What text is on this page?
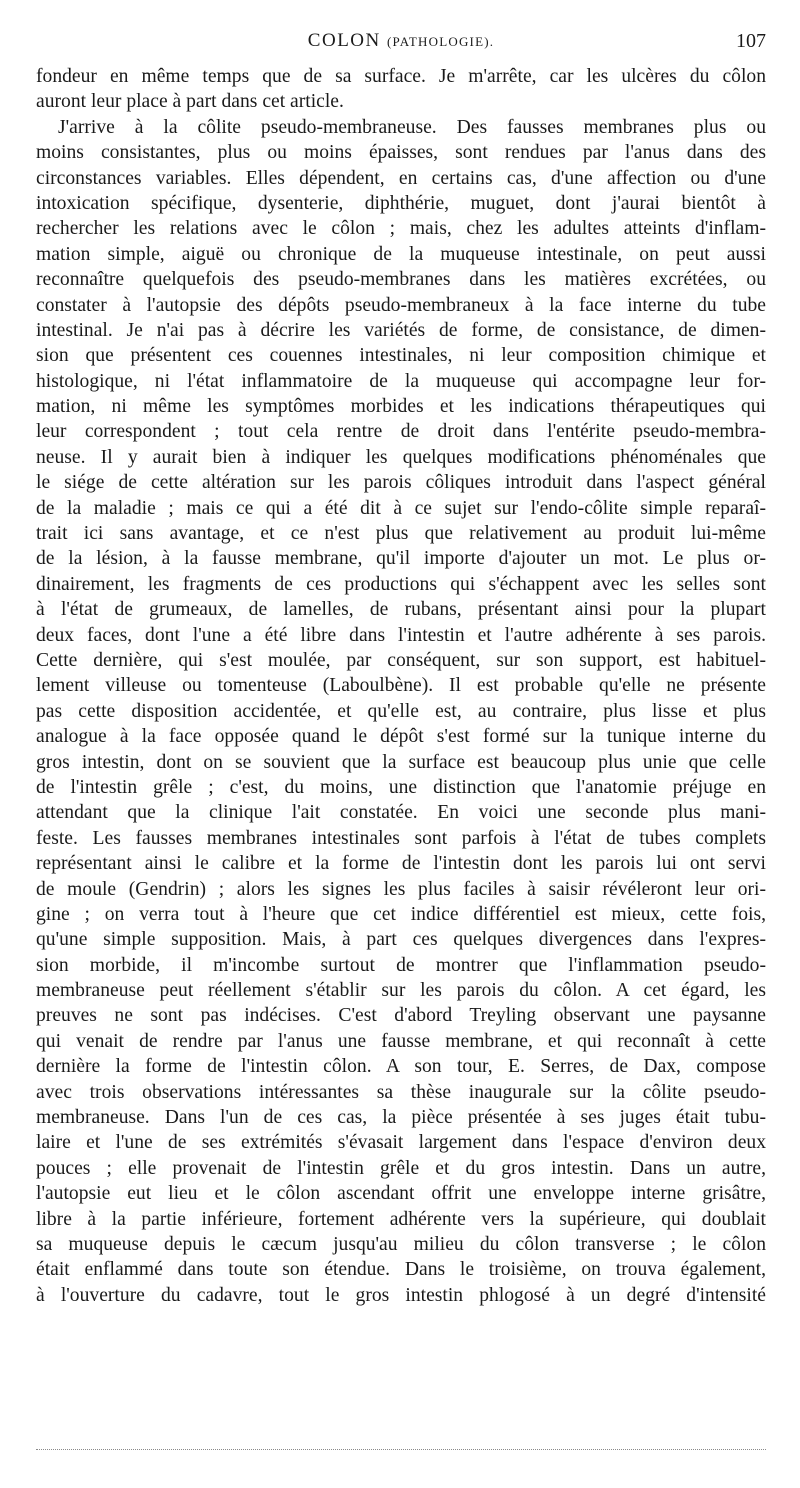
COLON (PATHOLOGIE).	107
fondeur en même temps que de sa surface. Je m'arrête, car les ulcères du côlon
auront leur place à part dans cet article.
J'arrive à la côlite pseudo-membraneuse. Des fausses membranes plus ou
moins consistantes, plus ou moins épaisses, sont rendues par l'anus dans des
circonstances variables. Elles dépendent, en certains cas, d'une affection ou d'une
intoxication spécifique, dysenterie, diphthérie, muguet, dont j'aurai bientôt à
rechercher les relations avec le côlon ; mais, chez les adultes atteints d'inflam-
mation simple, aiguë ou chronique de la muqueuse intestinale, on peut aussi
reconnaître quelquefois des pseudo-membranes dans les matières excrétées, ou
constater à l'autopsie des dépôts pseudo-membraneux à la face interne du tube
intestinal. Je n'ai pas à décrire les variétés de forme, de consistance, de dimen-
sion que présentent ces couennes intestinales, ni leur composition chimique et
histologique, ni l'état inflammatoire de la muqueuse qui accompagne leur for-
mation, ni même les symptômes morbides et les indications thérapeutiques qui
leur correspondent ; tout cela rentre de droit dans l'entérite pseudo-membra-
neuse. Il y aurait bien à indiquer les quelques modifications phénoménales que
le siége de cette altération sur les parois côliques introduit dans l'aspect général
de la maladie ; mais ce qui a été dit à ce sujet sur l'endo-côlite simple reparaî-
trait ici sans avantage, et ce n'est plus que relativement au produit lui-même
de la lésion, à la fausse membrane, qu'il importe d'ajouter un mot. Le plus or-
dinairement, les fragments de ces productions qui s'échappent avec les selles sont
à l'état de grumeaux, de lamelles, de rubans, présentant ainsi pour la plupart
deux faces, dont l'une a été libre dans l'intestin et l'autre adhérente à ses parois.
Cette dernière, qui s'est moulée, par conséquent, sur son support, est habituel-
lement villeuse ou tomenteuse (Laboulbène). Il est probable qu'elle ne présente
pas cette disposition accidentée, et qu'elle est, au contraire, plus lisse et plus
analogue à la face opposée quand le dépôt s'est formé sur la tunique interne du
gros intestin, dont on se souvient que la surface est beaucoup plus unie que celle
de l'intestin grêle ; c'est, du moins, une distinction que l'anatomie préjuge en
attendant que la clinique l'ait constatée. En voici une seconde plus mani-
feste. Les fausses membranes intestinales sont parfois à l'état de tubes complets
représentant ainsi le calibre et la forme de l'intestin dont les parois lui ont servi
de moule (Gendrin) ; alors les signes les plus faciles à saisir révéleront leur ori-
gine ; on verra tout à l'heure que cet indice différentiel est mieux, cette fois,
qu'une simple supposition. Mais, à part ces quelques divergences dans l'expres-
sion morbide, il m'incombe surtout de montrer que l'inflammation pseudo-
membraneuse peut réellement s'établir sur les parois du côlon. A cet égard, les
preuves ne sont pas indécises. C'est d'abord Treyling observant une paysanne
qui venait de rendre par l'anus une fausse membrane, et qui reconnaît à cette
dernière la forme de l'intestin côlon. A son tour, E. Serres, de Dax, compose
avec trois observations intéressantes sa thèse inaugurale sur la côlite pseudo-
membraneuse. Dans l'un de ces cas, la pièce présentée à ses juges était tubu-
laire et l'une de ses extrémités s'évasait largement dans l'espace d'environ deux
pouces ; elle provenait de l'intestin grêle et du gros intestin. Dans un autre,
l'autopsie eut lieu et le côlon ascendant offrit une enveloppe interne grisâtre,
libre à la partie inférieure, fortement adhérente vers la supérieure, qui doublait
sa muqueuse depuis le cæcum jusqu'au milieu du côlon transverse ; le côlon
était enflammé dans toute son étendue. Dans le troisième, on trouva également,
à l'ouverture du cadavre, tout le gros intestin phlogosé à un degré d'intensité
